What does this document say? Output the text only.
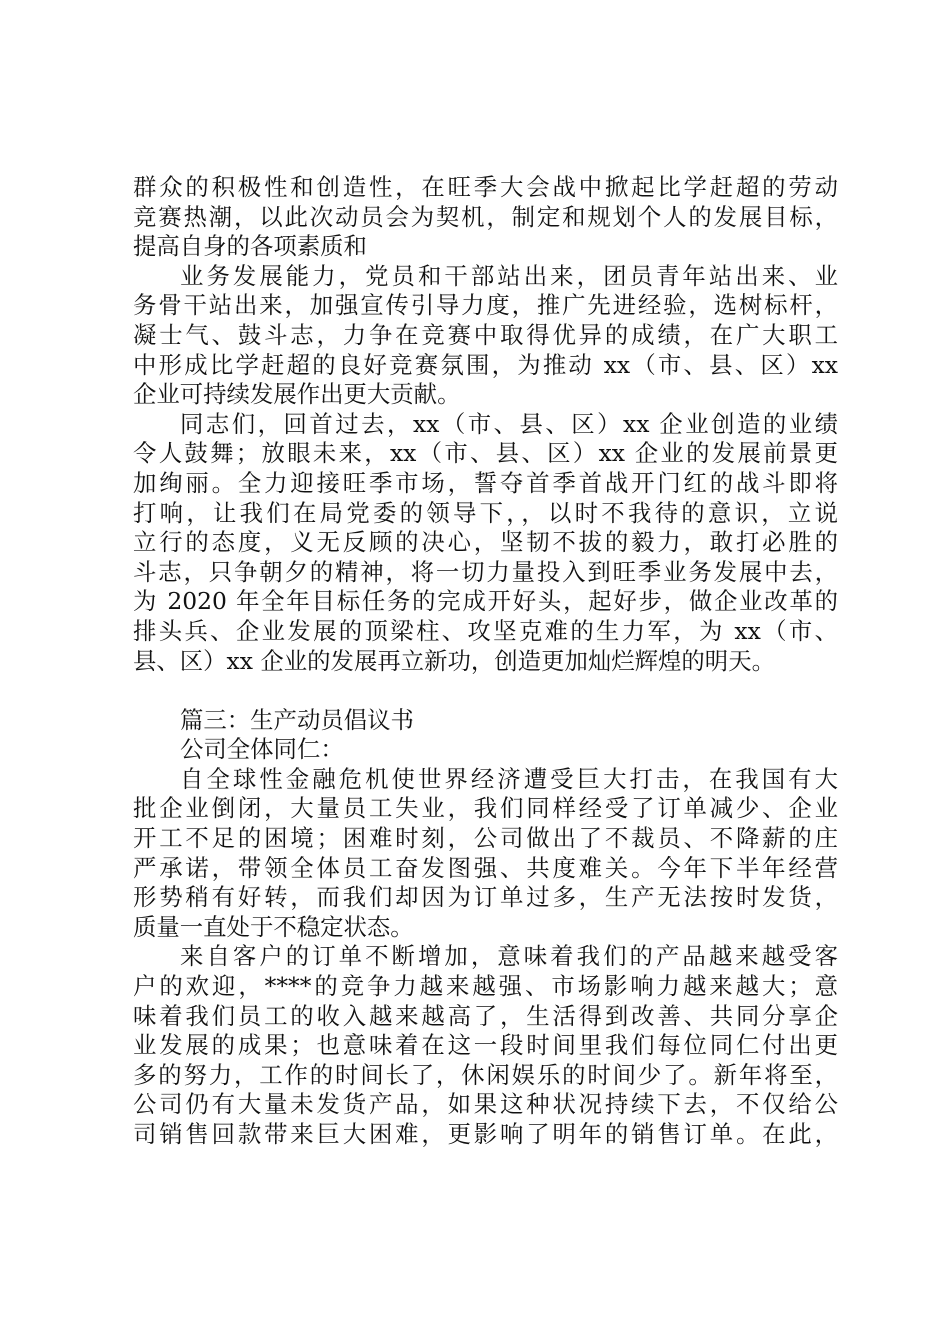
群众的积极性和创造性，在旺季大会战中掀起比学赶超的劳动
竞赛热潮，以此次动员会为契机，制定和规划个人的发展目标，
提高自身的各项素质和
业务发展能力，党员和干部站出来，团员青年站出来、业
务骨干站出来，加强宣传引导力度，推广先进经验，选树标杆，
凝士气、鼓斗志，力争在竞赛中取得优异的成绩，在广大职工
中形成比学赶超的良好竞赛氛围，为推动 xx（市、县、区）xx
企业可持续发展作出更大贡献。
同志们，回首过去，xx（市、县、区）xx 企业创造的业绩
令人鼓舞；放眼未来，xx（市、县、区）xx 企业的发展前景更
加绚丽。全力迎接旺季市场，誓夺首季首战开门红的战斗即将
打响，让我们在局党委的领导下，，以时不我待的意识，立说
立行的态度，义无反顾的决心，坚韧不拔的毅力，敢打必胜的
斗志，只争朝夕的精神，将一切力量投入到旺季业务发展中去，
为 2020 年全年目标任务的完成开好头，起好步，做企业改革的
排头兵、企业发展的顶梁柱、攻坚克难的生力军，为 xx（市、
县、区）xx 企业的发展再立新功，创造更加灿烂辉煌的明天。
篇三：生产动员倡议书
公司全体同仁：
自全球性金融危机使世界经济遭受巨大打击，在我国有大
批企业倒闭，大量员工失业，我们同样经受了订单减少、企业
开工不足的困境；困难时刻，公司做出了不裁员、不降薪的庄
严承诺，带领全体员工奋发图强、共度难关。今年下半年经营
形势稍有好转，而我们却因为订单过多，生产无法按时发货，
质量一直处于不稳定状态。
来自客户的订单不断增加，意味着我们的产品越来越受客
户的欢迎，****的竞争力越来越强、市场影响力越来越大；意
味着我们员工的收入越来越高了，生活得到改善、共同分享企
业发展的成果；也意味着在这一段时间里我们每位同仁付出更
多的努力，工作的时间长了，休闲娱乐的时间少了。新年将至，
公司仍有大量未发货产品，如果这种状况持续下去，不仅给公
司销售回款带来巨大困难，更影响了明年的销售订单。在此，
